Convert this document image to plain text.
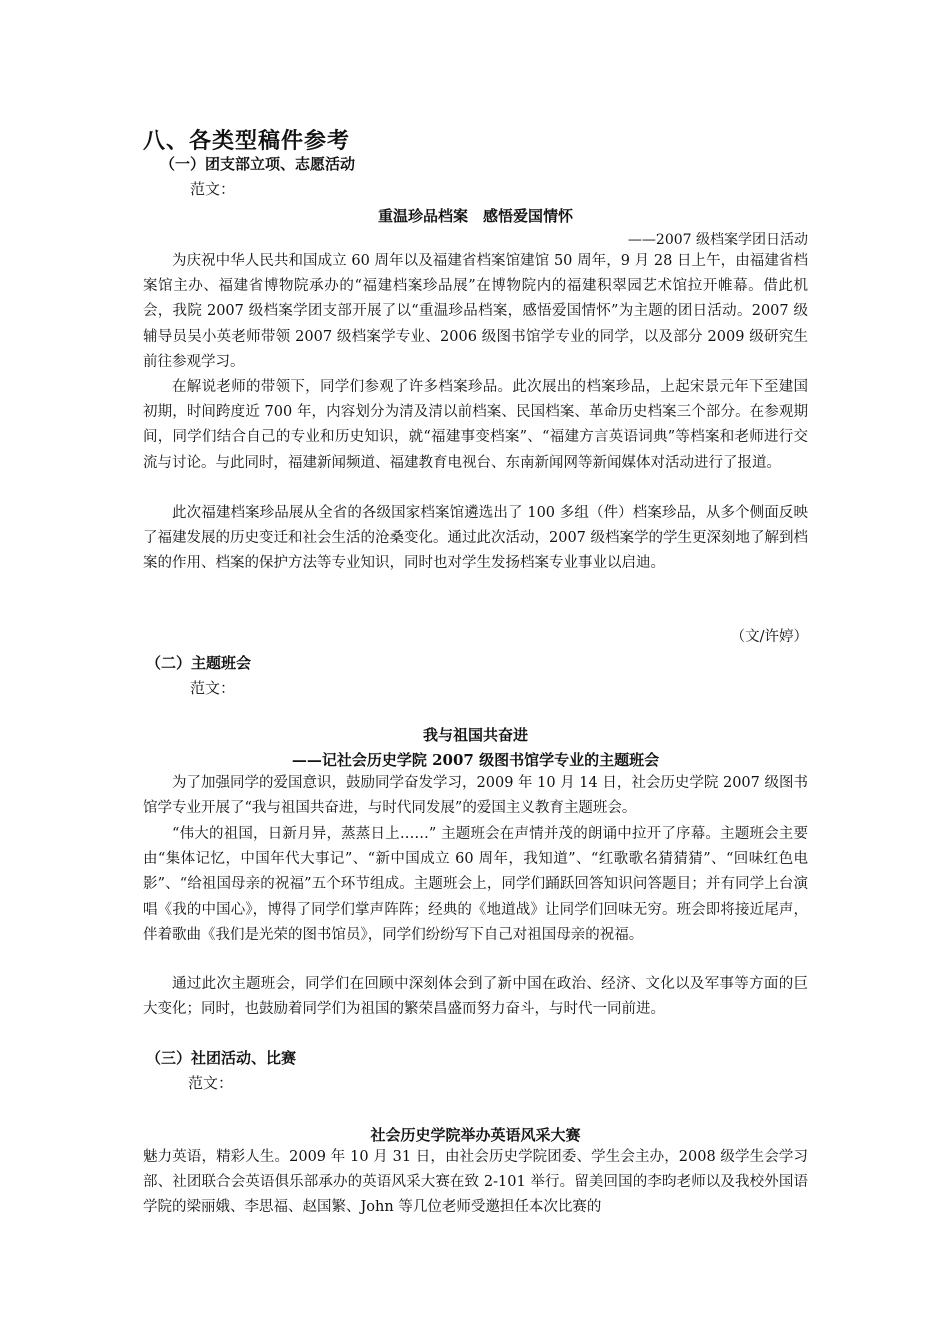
八、各类型稿件参考
（一）团支部立项、志愿活动
范文：
重温珍品档案　感悟爱国情怀
——2007 级档案学团日活动

为庆祝中华人民共和国成立 60 周年以及福建省档案馆建馆 50 周年，9 月 28 日上午，由福建省档案馆主办、福建省博物院承办的“福建档案珍品展”在博物院内的福建积翠园艺术馆拉开帷幕。借此机会，我院 2007 级档案学团支部开展了以“重温珍品档案，感悟爱国情怀”为主题的团日活动。2007 级辅导员吴小英老师带领 2007 级档案学专业、2006 级图书馆学专业的同学，以及部分 2009 级研究生前往参观学习。

在解说老师的带领下，同学们参观了许多档案珍品。此次展出的档案珍品，上起宋景元年下至建国初期，时间跨度近 700 年，内容划分为清及清以前档案、民国档案、革命历史档案三个部分。在参观期间，同学们结合自己的专业和历史知识，就“福建事变档案”、“福建方言英语词典”等档案和老师进行交流与讨论。与此同时，福建新闻频道、福建教育电视台、东南新闻网等新闻媒体对活动进行了报道。

此次福建档案珍品展从全省的各级国家档案馆遴选出了 100 多组（件）档案珍品，从多个侧面反映了福建发展的历史变迁和社会生活的沧桑变化。通过此次活动，2007 级档案学的学生更深刻地了解到档案的作用、档案的保护方法等专业知识，同时也对学生发扬档案专业事业以启迪。

（文/许婷）
（二）主题班会
范文：
我与祖国共奋进
——记社会历史学院 2007 级图书馆学专业的主题班会

为了加强同学的爱国意识，鼓励同学奋发学习，2009 年 10 月 14 日，社会历史学院 2007 级图书馆学专业开展了“我与祖国共奋进，与时代同发展”的爱国主义教育主题班会。

“伟大的祖国，日新月异，蒸蒸日上……” 主题班会在声情并茂的朗诵中拉开了序幕。主题班会主要由“集体记忆，中国年代大事记”、“新中国成立 60 周年，我知道”、“红歌歌名猜猜猜”、“回味红色电影”、“给祖国母亲的祝福”五个环节组成。主题班会上，同学们踊跃回答知识问答题目；并有同学上台演唱《我的中国心》，博得了同学们掌声阵阵；经典的《地道战》让同学们回味无穷。班会即将接近尾声，伴着歌曲《我们是光荣的图书馆员》，同学们纷纷写下自己对祖国母亲的祝福。

通过此次主题班会，同学们在回顾中深刻体会到了新中国在政治、经济、文化以及军事等方面的巨大变化；同时，也鼓励着同学们为祖国的繁荣昌盛而努力奋斗，与时代一同前进。

（三）社团活动、比赛
范文：
社会历史学院举办英语风采大赛

魅力英语，精彩人生。2009 年 10 月 31 日，由社会历史学院团委、学生会主办，2008 级学生会学习部、社团联合会英语俱乐部承办的英语风采大赛在致 2-101 举行。留美回国的李昀老师以及我校外国语学院的梁丽娥、李思福、赵国繁、John 等几位老师受邀担任本次比赛的
